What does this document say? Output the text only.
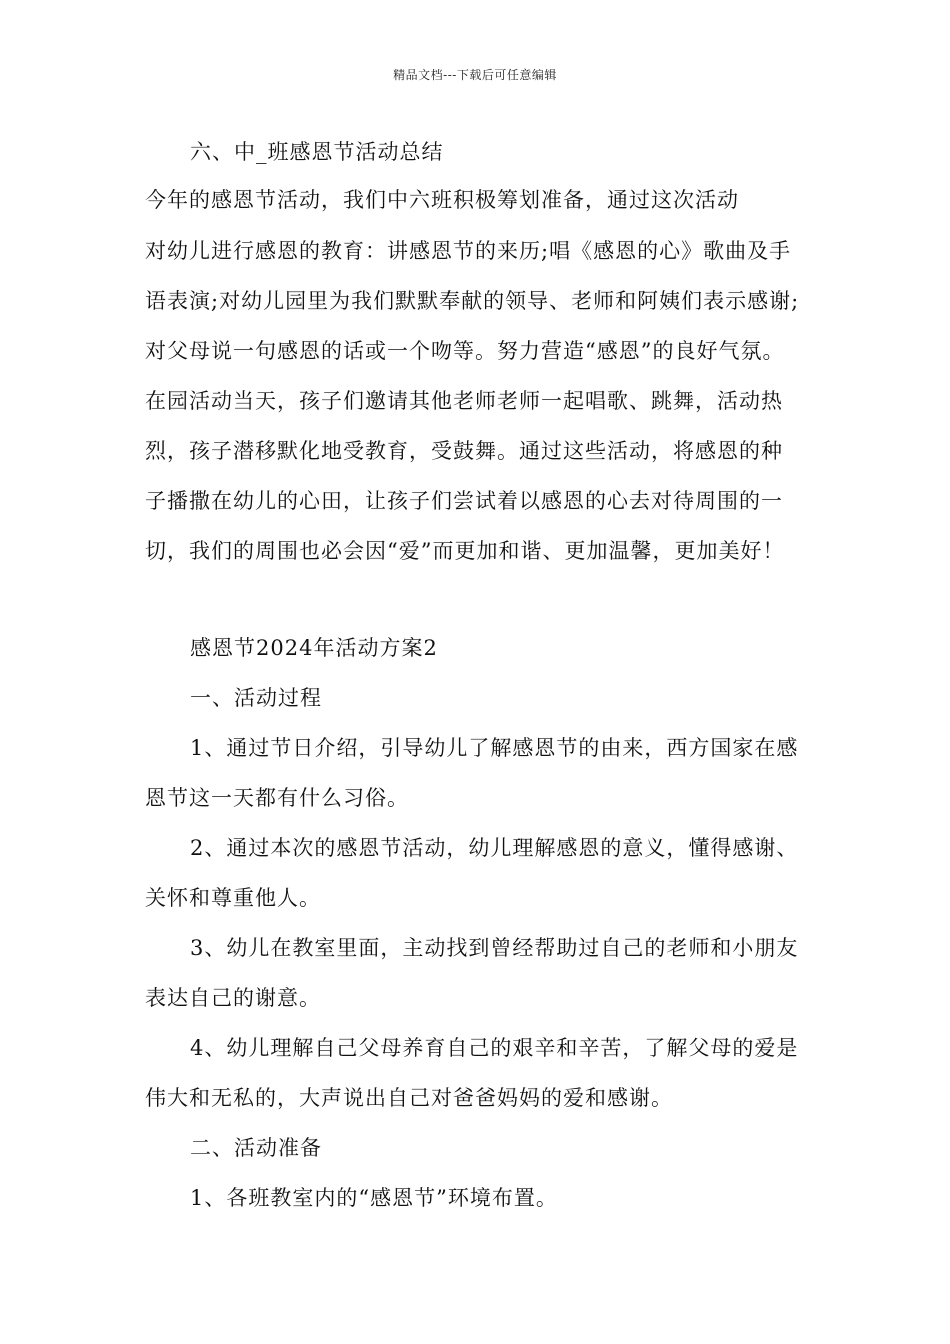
精品文档---下载后可任意编辑
六、中_班感恩节活动总结
今年的感恩节活动，我们中六班积极筹划准备，通过这次活动
对幼儿进行感恩的教育：讲感恩节的来历;唱《感恩的心》歌曲及手
语表演;对幼儿园里为我们默默奉献的领导、老师和阿姨们表示感谢;
对父母说一句感恩的话或一个吻等。努力营造“感恩”的良好气氛。
在园活动当天，孩子们邀请其他老师老师一起唱歌、跳舞，活动热
烈，孩子潜移默化地受教育，受鼓舞。通过这些活动，将感恩的种
子播撒在幼儿的心田，让孩子们尝试着以感恩的心去对待周围的一
切，我们的周围也必会因“爱”而更加和谐、更加温馨，更加美好！
感恩节2024年活动方案2
一、活动过程
1、通过节日介绍，引导幼儿了解感恩节的由来，西方国家在感
恩节这一天都有什么习俗。
2、通过本次的感恩节活动，幼儿理解感恩的意义，懂得感谢、
关怀和尊重他人。
3、幼儿在教室里面，主动找到曾经帮助过自己的老师和小朋友
表达自己的谢意。
4、幼儿理解自己父母养育自己的艰辛和辛苦，了解父母的爱是
伟大和无私的，大声说出自己对爸爸妈妈的爱和感谢。
二、活动准备
1、各班教室内的“感恩节”环境布置。
